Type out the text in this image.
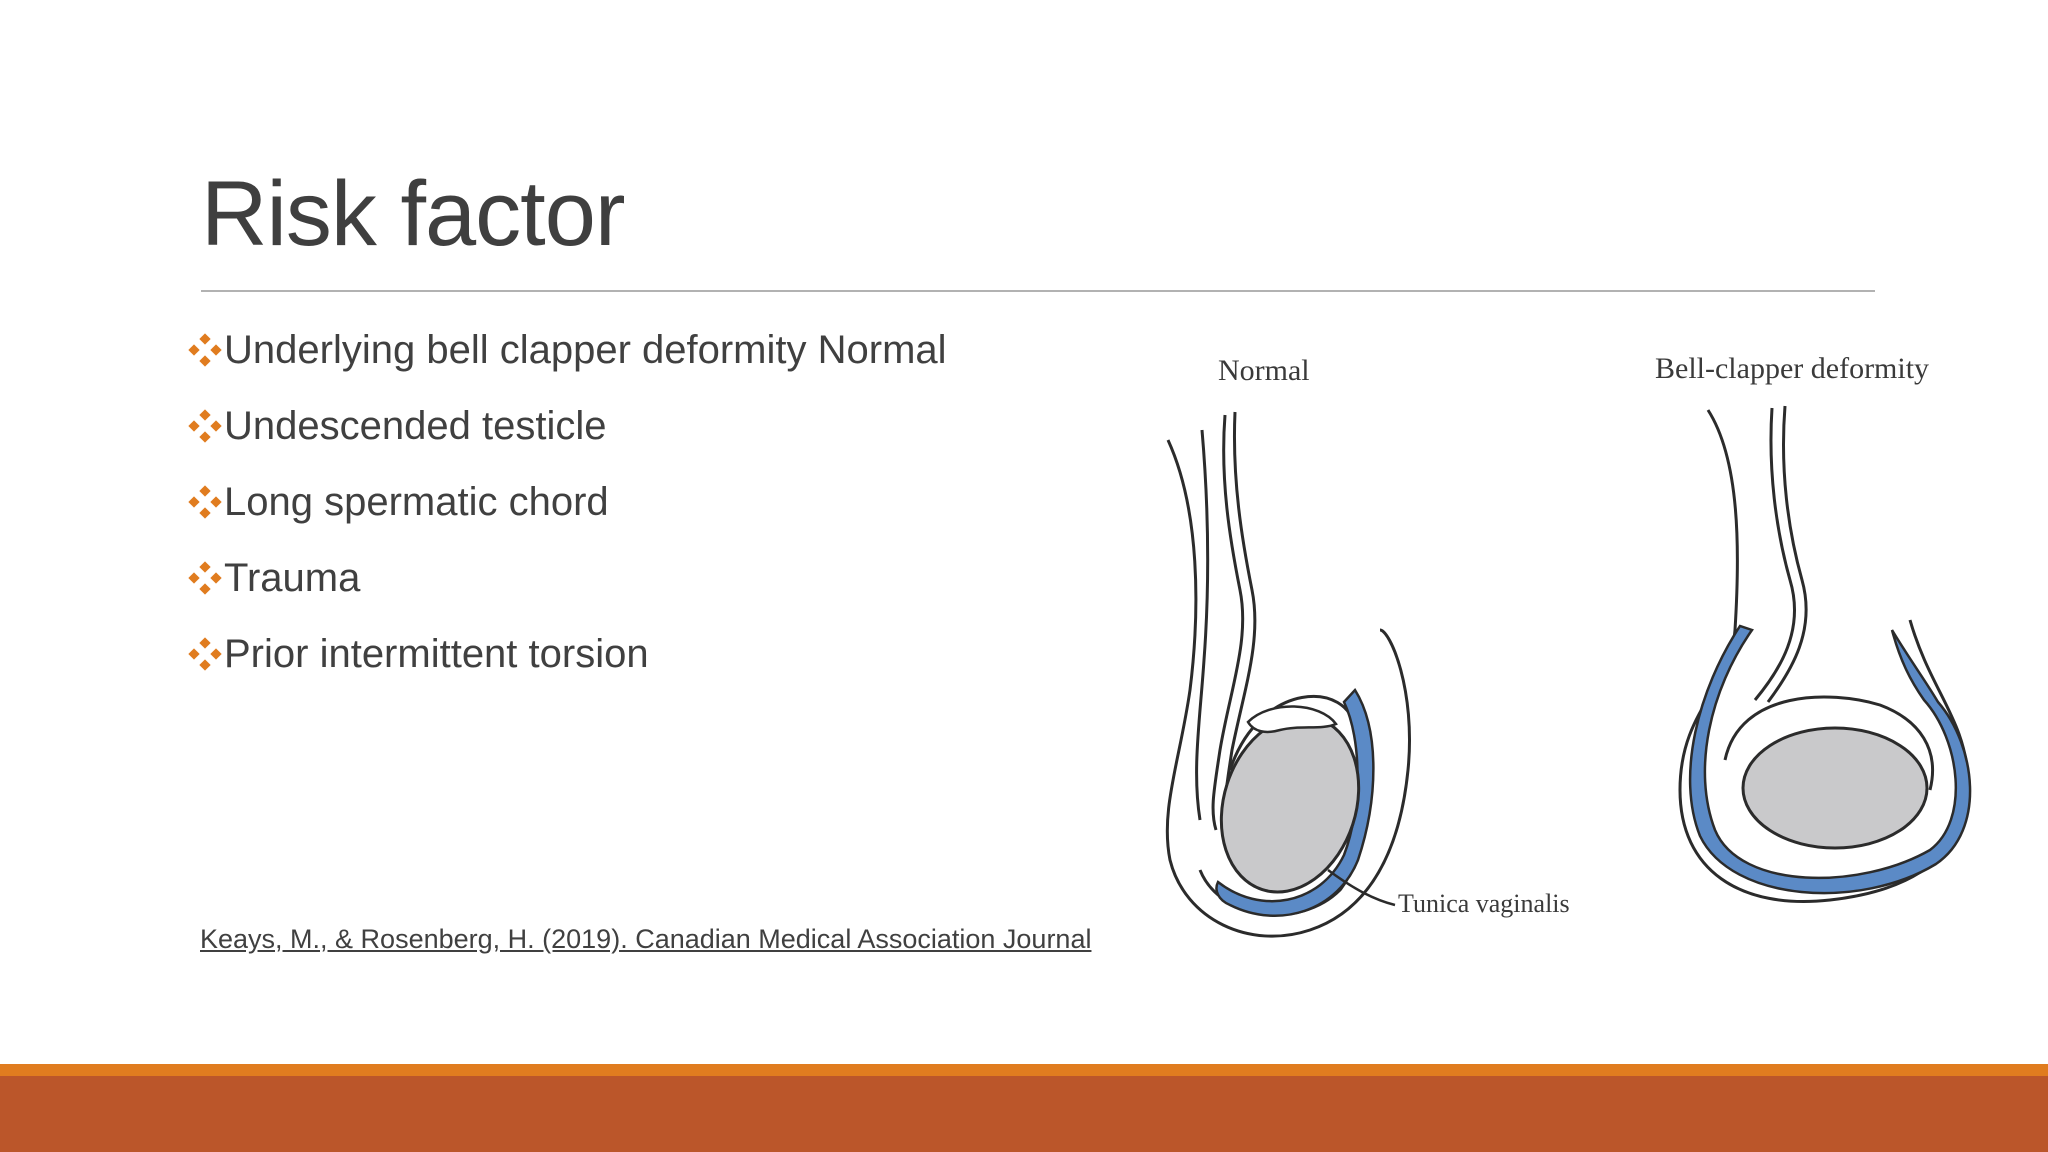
Risk factor
Underlying bell clapper deformity Normal
Undescended testicle
Long spermatic chord
Trauma
Prior intermittent torsion
Keays, M., & Rosenberg, H. (2019). Canadian Medical Association Journal
Normal	Bell-clapper deformity
Tunica vaginalis
